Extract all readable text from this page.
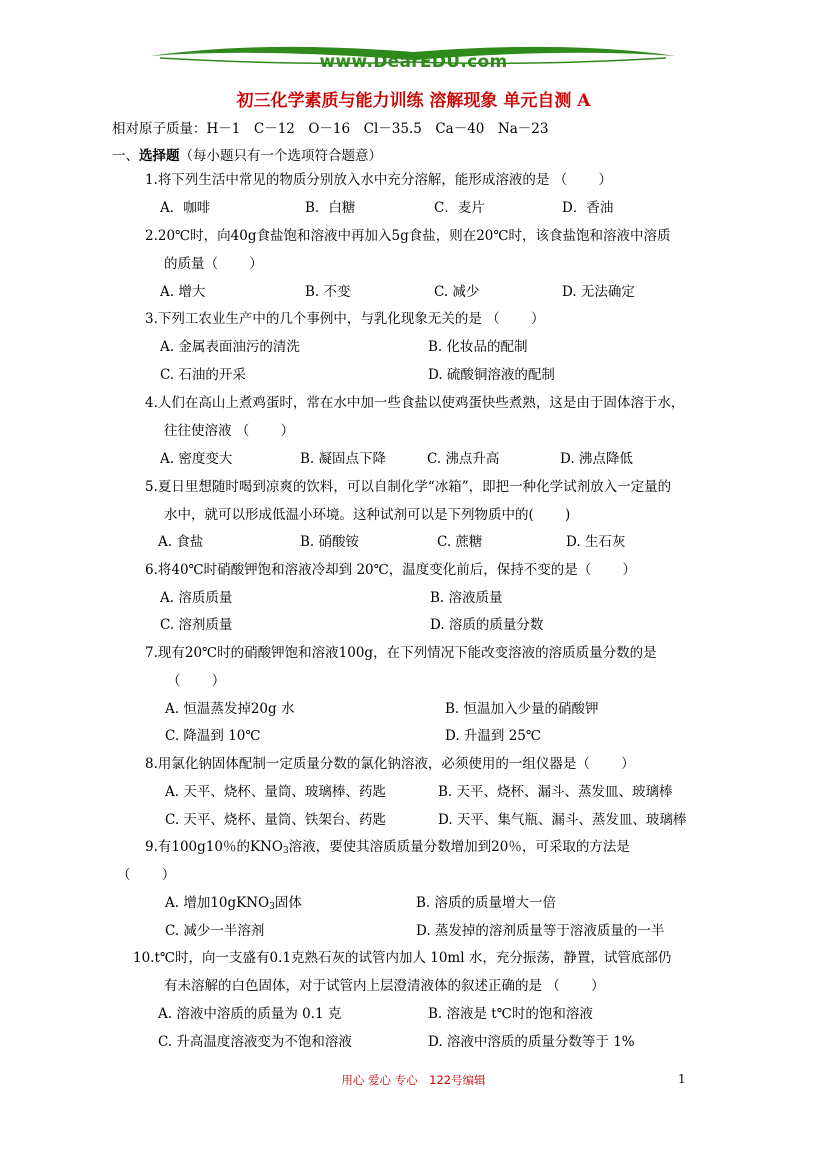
www.DearEDU.com
初三化学素质与能力训练 溶解现象 单元自测 A
相对原子质量：H－1　C－12　O－16　Cl－35.5　Ca－40　Na－23
一、选择题（每小题只有一个选项符合题意）
1.将下列生活中常见的物质分别放入水中充分溶解，能形成溶液的是 （　　 ）
A．咖啡	B．白糖	C．麦片	D．香油
2.20℃时，向40g食盐饱和溶液中再加入5g食盐，则在20℃时，该食盐饱和溶液中溶质
的质量（　　 ）
A. 增大	B. 不变	C. 减少	D. 无法确定
3.下列工农业生产中的几个事例中，与乳化现象无关的是 （　　 ）
A. 金属表面油污的清洗	B. 化妆品的配制
C. 石油的开采	D. 硫酸铜溶液的配制
4.人们在高山上煮鸡蛋时，常在水中加一些食盐以使鸡蛋快些煮熟，这是由于固体溶于水，
往往使溶液 （　　 ）
A. 密度变大	B. 凝固点下降	C. 沸点升高	D. 沸点降低
5.夏日里想随时喝到凉爽的饮料，可以自制化学“冰箱”，即把一种化学试剂放入一定量的
水中，就可以形成低温小环境。这种试剂可以是下列物质中的(　　 )
A. 食盐	B. 硝酸铵	C. 蔗糖	D. 生石灰
6.将40℃时硝酸钾饱和溶液冷却到 20℃，温度变化前后，保持不变的是（　　 ）
A. 溶质质量	B. 溶液质量
C. 溶剂质量	D. 溶质的质量分数
7.现有20℃时的硝酸钾饱和溶液100g，在下列情况下能改变溶液的溶质质量分数的是
（　　 ）
A. 恒温蒸发掉20g 水	B. 恒温加入少量的硝酸钾
C. 降温到 10℃	D. 升温到 25℃
8.用氯化钠固体配制一定质量分数的氯化钠溶液，必须使用的一组仪器是（　　 ）
A. 天平、烧杯、量筒、玻璃棒、药匙	B. 天平、烧杯、漏斗、蒸发皿、玻璃棒
C. 天平、烧杯、量筒、铁架台、药匙	D. 天平、集气瓶、漏斗、蒸发皿、玻璃棒
9.有100g10％的$KNO_3$溶液，要使其溶质质量分数增加到20％，可采取的方法是
（　　 ）
A. 增加10gKNO$_3$固体	B. 溶质的质量增大一倍
C. 减少一半溶剂	D. 蒸发掉的溶剂质量等于溶液质量的一半
10.t℃时，向一支盛有0.1克熟石灰的试管内加人 10ml 水，充分振荡，静置，试管底部仍
有未溶解的白色固体，对于试管内上层澄清液体的叙述正确的是 （　　 ）
A. 溶液中溶质的质量为 0.1 克	B. 溶液是 t℃时的饱和溶液
C. 升高温度溶液变为不饱和溶液	D. 溶液中溶质的质量分数等于 1%
用心 爱心 专心　122号编辑	1
